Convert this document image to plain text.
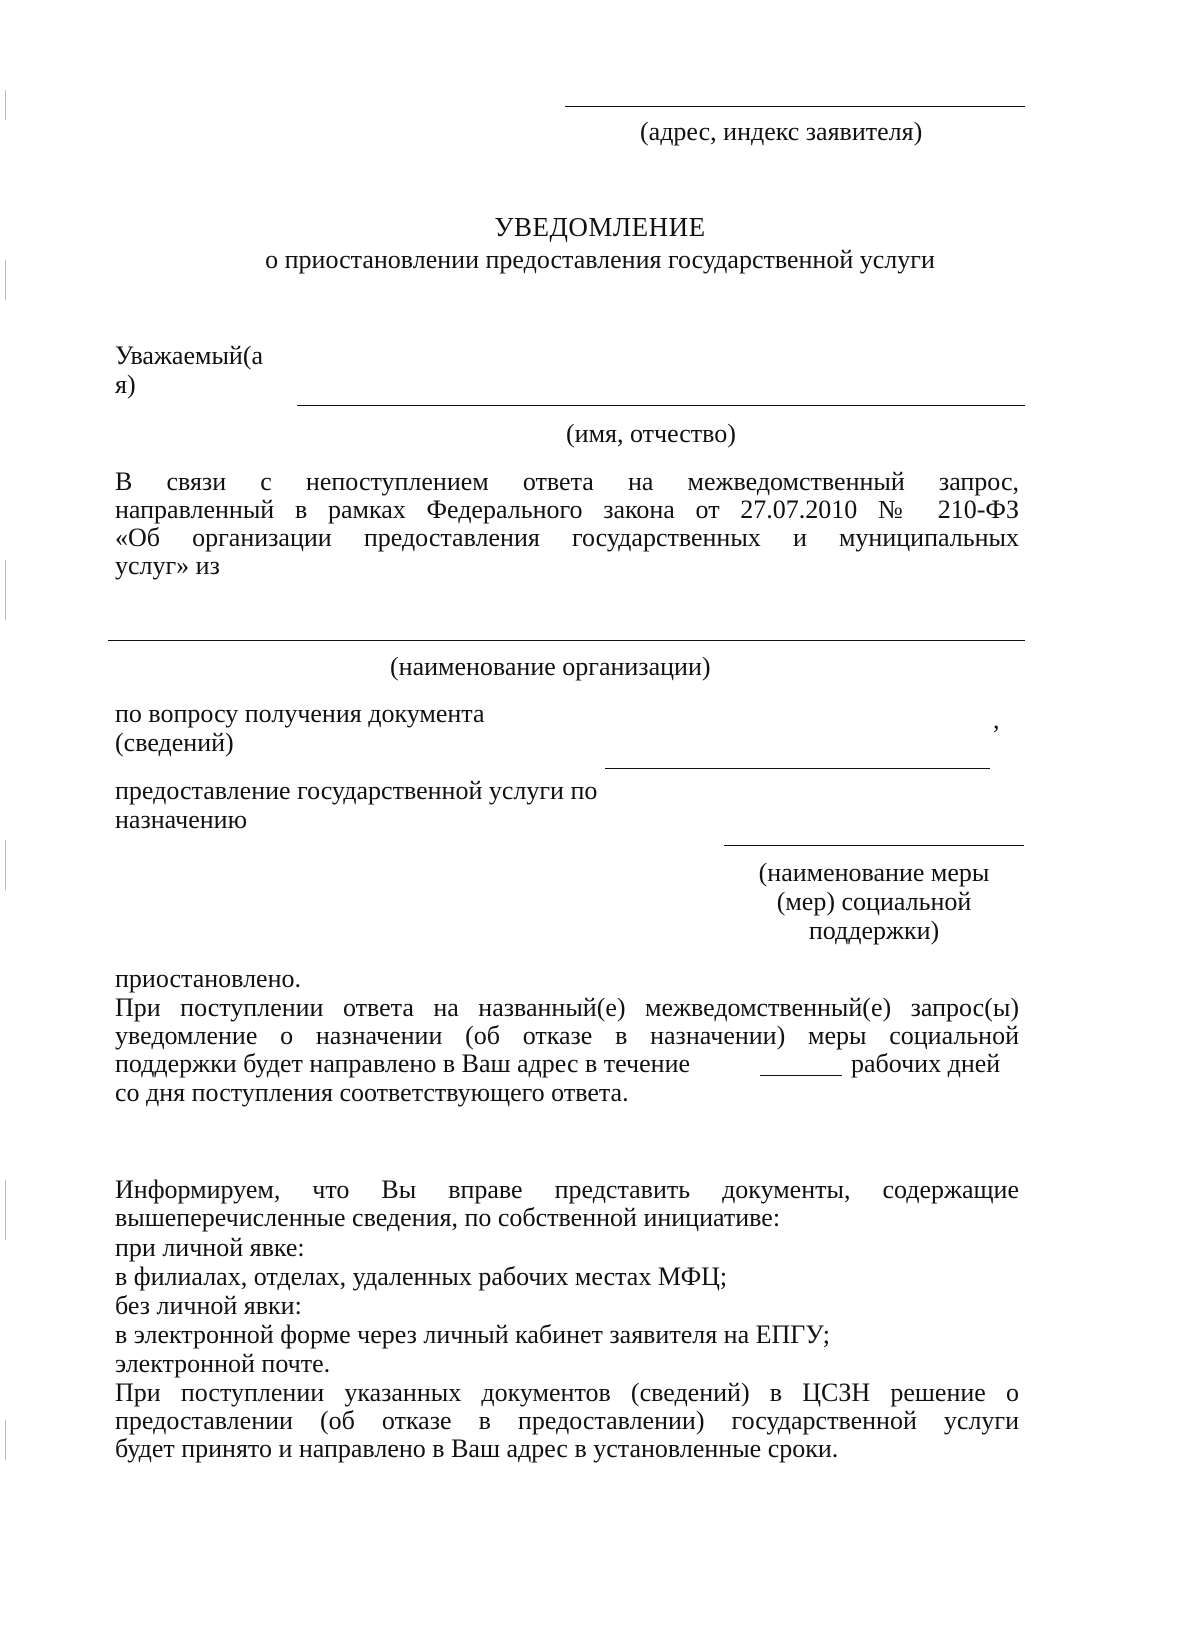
(адрес, индекс заявителя)
УВЕДОМЛЕНИЕ
о приостановлении предоставления государственной услуги
Уважаемый(а
я)
(имя, отчество)
В связи с непоступлением ответа на межведомственный запрос,
направленный в рамках Федерального закона от 27.07.2010 № 210-ФЗ
«Об организации предоставления государственных и муниципальных
услуг» из
(наименование организации)
по вопросу получения документа
(сведений)
,
предоставление государственной услуги по
назначению
(наименование меры
(мер) социальной
поддержки)
приостановлено.
При поступлении ответа на названный(е) межведомственный(е) запрос(ы)
уведомление о назначении (об отказе в назначении) меры социальной
поддержки будет направлено в Ваш адрес в течение	рабочих дней
со дня поступления соответствующего ответа.
Информируем, что Вы вправе представить документы, содержащие
вышеперечисленные сведения, по собственной инициативе:
при личной явке:
в филиалах, отделах, удаленных рабочих местах МФЦ;
без личной явки:
в электронной форме через личный кабинет заявителя на ЕПГУ;
электронной почте.
При поступлении указанных документов (сведений) в ЦСЗН решение о
предоставлении (об отказе в предоставлении) государственной услуги
будет принято и направлено в Ваш адрес в установленные сроки.
